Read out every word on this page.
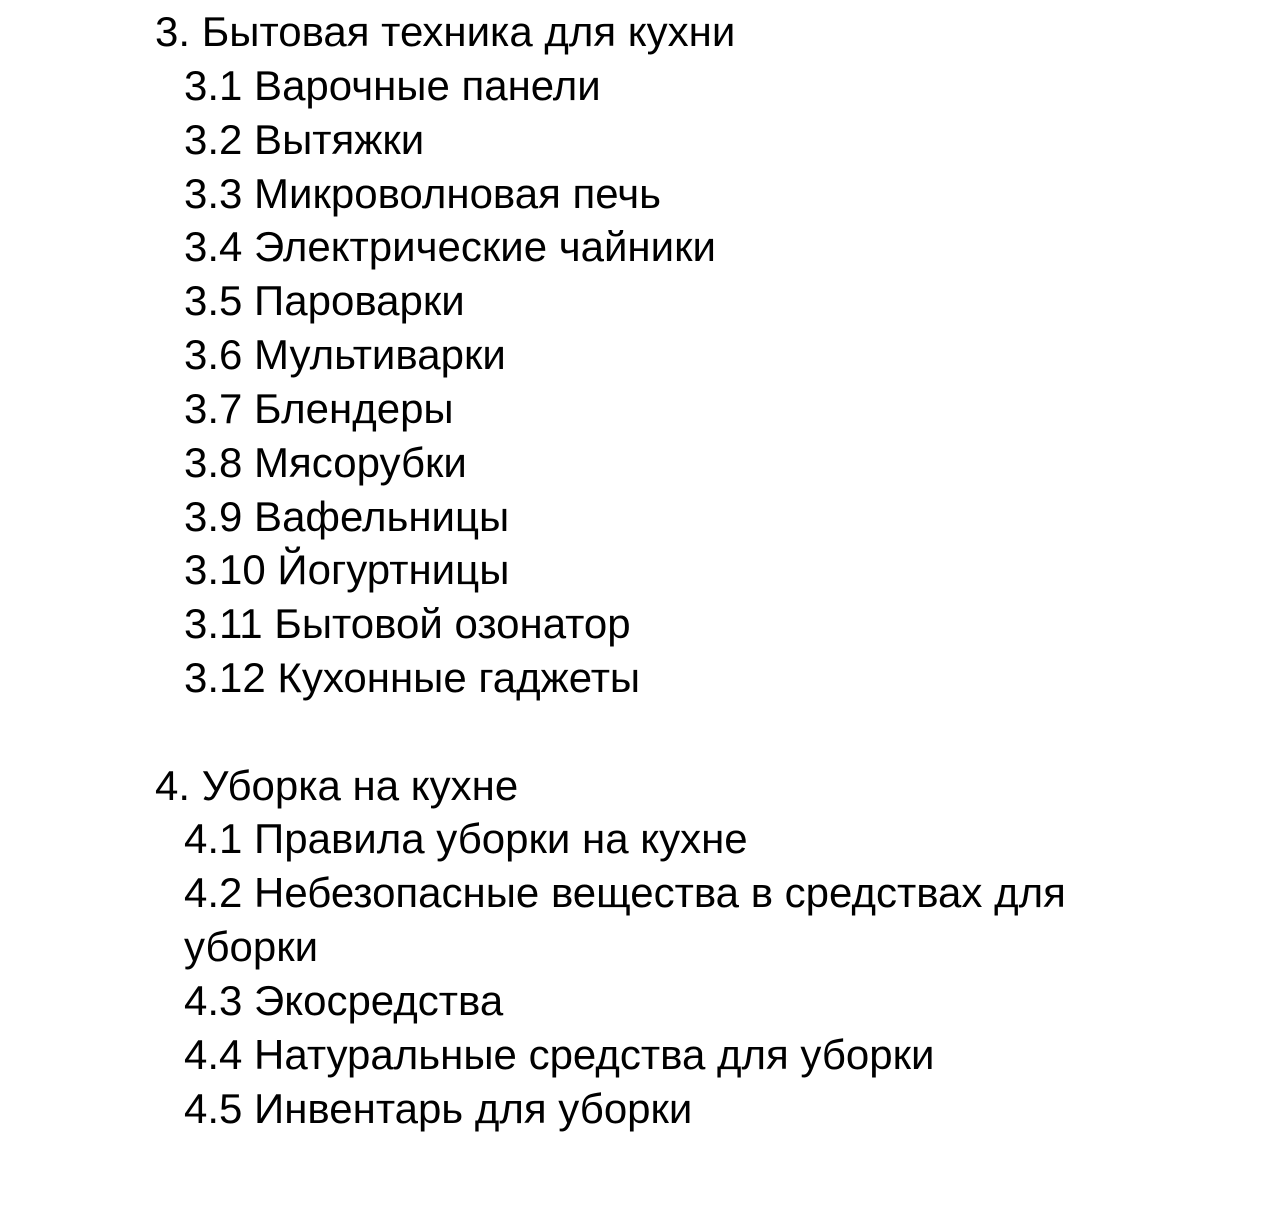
3. Бытовая техника для кухни
3.1 Варочные панели
3.2 Вытяжки
3.3 Микроволновая печь
3.4 Электрические чайники
3.5 Пароварки
3.6 Мультиварки
3.7 Блендеры
3.8 Мясорубки
3.9 Вафельницы
3.10 Йогуртницы
3.11 Бытовой озонатор
3.12 Кухонные гаджеты
4. Уборка на кухне
4.1 Правила уборки на кухне
4.2 Небезопасные вещества в средствах для
уборки
4.3 Экосредства
4.4 Натуральные средства для уборки
4.5 Инвентарь для уборки
